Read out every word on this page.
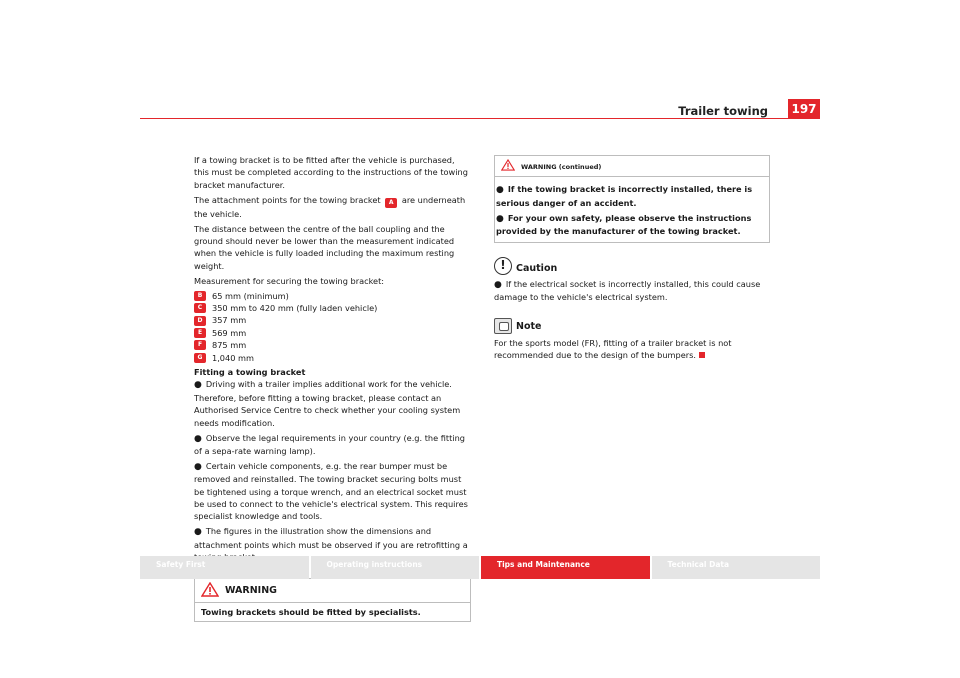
Trailer towing 197
If a towing bracket is to be fitted after the vehicle is purchased, this must be completed according to the instructions of the towing bracket manufacturer.
The attachment points for the towing bracket A are underneath the vehicle.
The distance between the centre of the ball coupling and the ground should never be lower than the measurement indicated when the vehicle is fully loaded including the maximum resting weight.
Measurement for securing the towing bracket:
B	65 mm (minimum)
C	350 mm to 420 mm (fully laden vehicle)
D	357 mm
E	569 mm
F	875 mm
G	1,040 mm
Fitting a towing bracket
● Driving with a trailer implies additional work for the vehicle. Therefore, before fitting a towing bracket, please contact an Authorised Service Centre to check whether your cooling system needs modification.
● Observe the legal requirements in your country (e.g. the fitting of a sepa-rate warning lamp).
● Certain vehicle components, e.g. the rear bumper must be removed and reinstalled. The towing bracket securing bolts must be tightened using a torque wrench, and an electrical socket must be used to connect to the vehicle's electrical system. This requires specialist knowledge and tools.
● The figures in the illustration show the dimensions and attachment points which must be observed if you are retrofitting a
WARNING
Towing brackets should be fitted by specialists.
WARNING (continued)
● If the towing bracket is incorrectly installed, there is serious danger of an accident.
● For your own safety, please observe the instructions provided by the manufacturer of the towing bracket.
!	Caution
● If the electrical socket is incorrectly installed, this could cause damage to the vehicle's electrical system.
Note
For the sports model (FR), fitting of a trailer bracket is not recommended due to the design of the bumpers.
Safety First	Operating instructions	Tips and Maintenance	Technical Data
